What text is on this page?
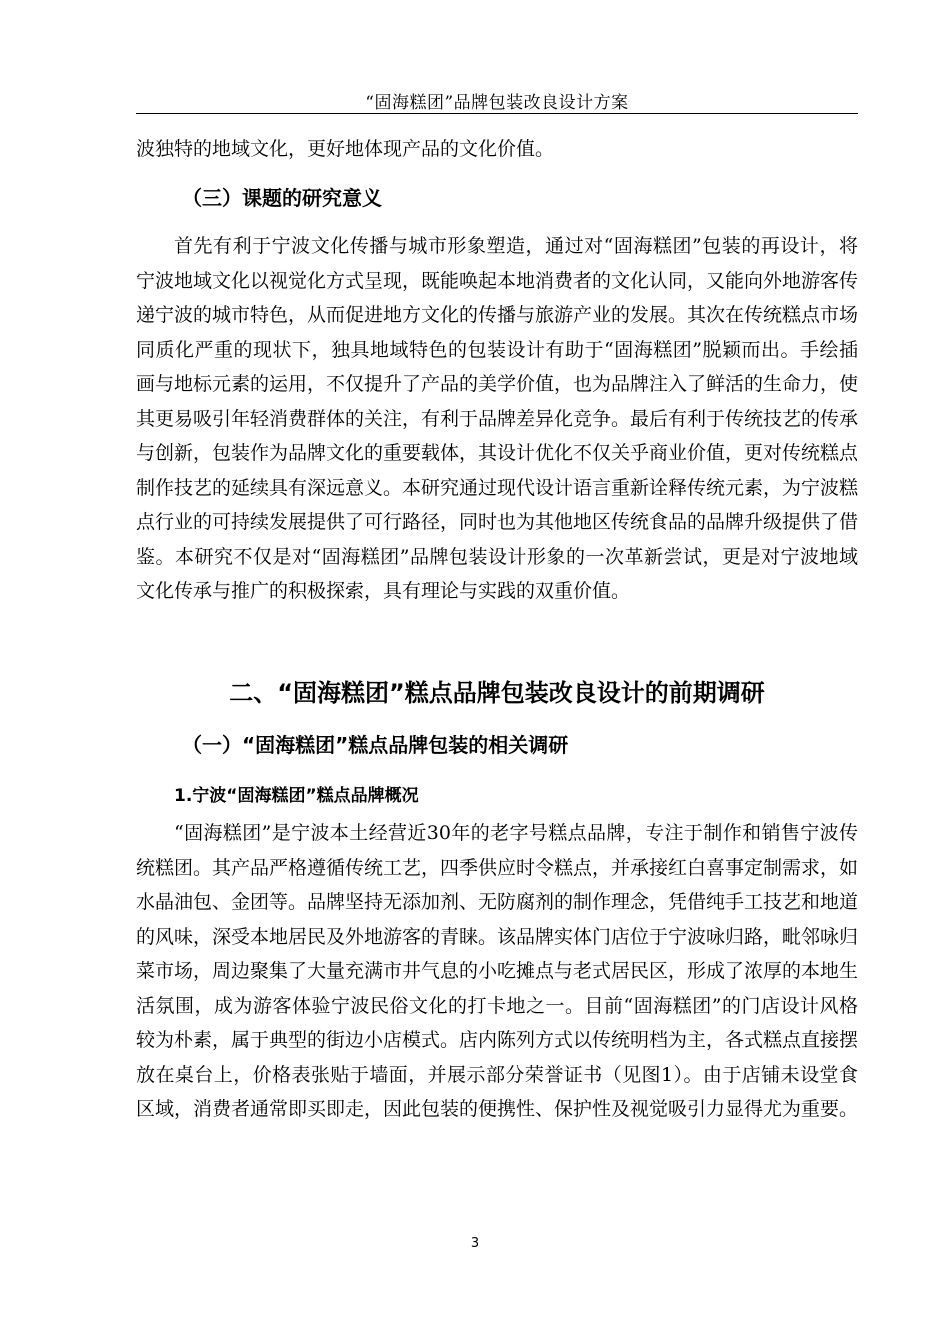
“固海糕团”品牌包装改良设计方案

波独特的地域文化，更好地体现产品的文化价值。

（三）课题的研究意义

首先有利于宁波文化传播与城市形象塑造，通过对“固海糕团”包装的再设计，将宁波地域文化以视觉化方式呈现，既能唤起本地消费者的文化认同，又能向外地游客传递宁波的城市特色，从而促进地方文化的传播与旅游产业的发展。其次在传统糕点市场同质化严重的现状下，独具地域特色的包装设计有助于“固海糕团”脱颖而出。手绘插画与地标元素的运用，不仅提升了产品的美学价值，也为品牌注入了鲜活的生命力，使其更易吸引年轻消费群体的关注，有利于品牌差异化竞争。最后有利于传统技艺的传承与创新，包装作为品牌文化的重要载体，其设计优化不仅关乎商业价值，更对传统糕点制作技艺的延续具有深远意义。本研究通过现代设计语言重新诠释传统元素，为宁波糕点行业的可持续发展提供了可行路径，同时也为其他地区传统食品的品牌升级提供了借鉴。本研究不仅是对“固海糕团”品牌包装设计形象的一次革新尝试，更是对宁波地域文化传承与推广的积极探索，具有理论与实践的双重价值。

二、“固海糕团”糕点品牌包装改良设计的前期调研
（一）“固海糕团”糕点品牌包装的相关调研
1.宁波“固海糕团”糕点品牌概况

“固海糕团”是宁波本土经营近30年的老字号糕点品牌，专注于制作和销售宁波传统糕团。其产品严格遵循传统工艺，四季供应时令糕点，并承接红白喜事定制需求，如水晶油包、金团等。品牌坚持无添加剂、无防腐剂的制作理念，凭借纯手工技艺和地道的风味，深受本地居民及外地游客的青睐。该品牌实体门店位于宁波咏归路，毗邻咏归菜市场，周边聚集了大量充满市井气息的小吃摊点与老式居民区，形成了浓厚的本地生活氛围，成为游客体验宁波民俗文化的打卡地之一。目前“固海糕团”的门店设计风格较为朴素，属于典型的街边小店模式。店内陈列方式以传统明档为主，各式糕点直接摆放在桌台上，价格表张贴于墙面，并展示部分荣誉证书（见图1）。由于店铺未设堂食区域，消费者通常即买即走，因此包装的便携性、保护性及视觉吸引力显得尤为重要。

3
